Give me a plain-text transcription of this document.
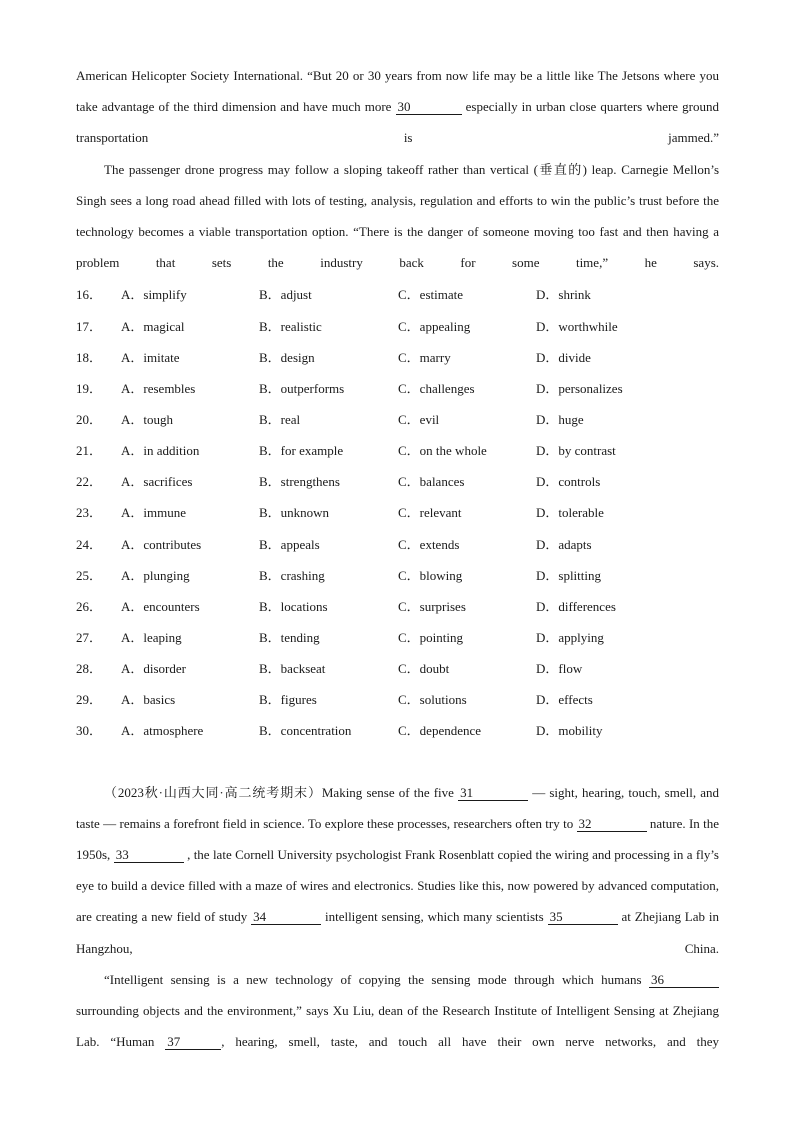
American Helicopter Society International. “But 20 or 30 years from now life may be a little like The Jetsons where you take advantage of the third dimension and have much more 30	especially in urban close quarters where ground transportation is jammed.”

The passenger drone progress may follow a sloping takeoff rather than vertical (垂直的) leap. Carnegie Mellon’s Singh sees a long road ahead filled with lots of testing, analysis, regulation and efforts to win the public’s trust before the technology becomes a viable transportation option. “There is the danger of someone moving too fast and then having a problem that sets the industry back for some time,” he says.

16．	A．simplify	B．adjust	C．estimate	D．shrink
17．	A．magical	B．realistic	C．appealing	D．worthwhile
18．	A．imitate	B．design	C．marry	D．divide
19．	A．resembles	B．outperforms	C．challenges	D．personalizes
20．	A．tough	B．real	C．evil	D．huge
21．	A．in addition	B．for example	C．on the whole	D．by contrast
22．	A．sacrifices	B．strengthens	C．balances	D．controls
23．	A．immune	B．unknown	C．relevant	D．tolerable
24．	A．contributes	B．appeals	C．extends	D．adapts
25．	A．plunging	B．crashing	C．blowing	D．splitting
26．	A．encounters	B．locations	C．surprises	D．differences
27．	A．leaping	B．tending	C．pointing	D．applying
28．	A．disorder	B．backseat	C．doubt	D．flow
29．	A．basics	B．figures	C．solutions	D．effects
30．	A．atmosphere	B．concentration	C．dependence	D．mobility

（2023秋·山西大同·高二统考期末）Making sense of the five 31	— sight, hearing, touch, smell, and taste — remains a forefront field in science. To explore these processes, researchers often try to 32	nature. In the 1950s, 33	, the late Cornell University psychologist Frank Rosenblatt copied the wiring and processing in a fly’s eye to build a device filled with a maze of wires and electronics. Studies like this, now powered by advanced computation, are creating a new field of study 34	intelligent sensing, which many scientists 35	at Zhejiang Lab in Hangzhou, China.

“Intelligent sensing is a new technology of copying the sensing mode through which humans 36 surrounding objects and the environment,” says Xu Liu, dean of the Research Institute of Intelligent Sensing at Zhejiang Lab. “Human 37	, hearing, smell, taste, and touch all have their own nerve networks, and they
